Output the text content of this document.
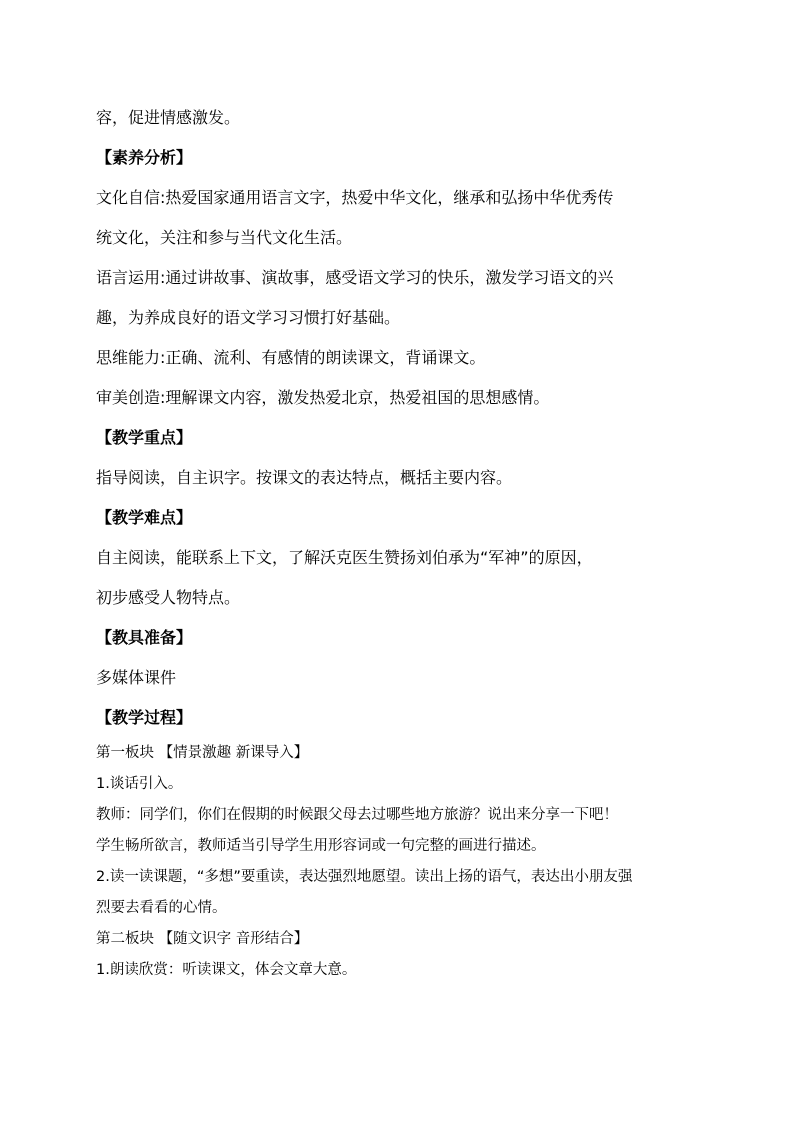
容，促进情感激发。
【素养分析】
文化自信:热爱国家通用语言文字，热爱中华文化，继承和弘扬中华优秀传
统文化，关注和参与当代文化生活。
语言运用:通过讲故事、演故事，感受语文学习的快乐，激发学习语文的兴
趣，为养成良好的语文学习习惯打好基础。
思维能力:正确、流利、有感情的朗读课文，背诵课文。
审美创造:理解课文内容，激发热爱北京，热爱祖国的思想感情。
【教学重点】
指导阅读，自主识字。按课文的表达特点，概括主要内容。
【教学难点】
自主阅读，能联系上下文，了解沃克医生赞扬刘伯承为“军神”的原因，
初步感受人物特点。
【教具准备】
多媒体课件
【教学过程】
第一板块 【情景激趣 新课导入】
1.谈话引入。
教师：同学们，你们在假期的时候跟父母去过哪些地方旅游？说出来分享一下吧！
学生畅所欲言，教师适当引导学生用形容词或一句完整的画进行描述。
2.读一读课题，“多想”要重读，表达强烈地愿望。读出上扬的语气，表达出小朋友强
烈要去看看的心情。
第二板块 【随文识字 音形结合】
1.朗读欣赏：听读课文，体会文章大意。
